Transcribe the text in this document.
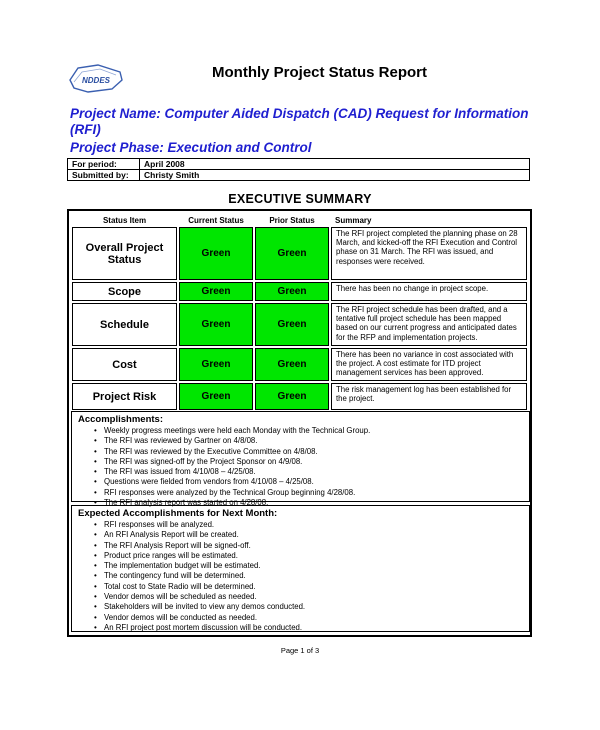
NDDES	Monthly Project Status Report
Project Name: Computer Aided Dispatch (CAD) Request for Information (RFI)
Project Phase: Execution and Control
For period:	April 2008
Submitted by:	Christy Smith
EXECUTIVE SUMMARY
Status Item	Current Status	Prior Status	Summary
Overall Project Status	Green	Green	The RFI project completed the planning phase on 28 March, and kicked-off the RFI Execution and Control phase on 31 March. The RFI was issued, and responses were received.
Scope	Green	Green	There has been no change in project scope.
Schedule	Green	Green	The RFI project schedule has been drafted, and a tentative full project schedule has been mapped based on our current progress and anticipated dates for the RFP and implementation projects.
Cost	Green	Green	There has been no variance in cost associated with the project. A cost estimate for ITD project management services has been approved.
Project Risk	Green	Green	The risk management log has been established for the project.
Accomplishments:
• Weekly progress meetings were held each Monday with the Technical Group.
• The RFI was reviewed by Gartner on 4/8/08.
• The RFI was reviewed by the Executive Committee on 4/8/08.
• The RFI was signed-off by the Project Sponsor on 4/9/08.
• The RFI was issued from 4/10/08 – 4/25/08.
• Questions were fielded from vendors from 4/10/08 – 4/25/08.
• RFI responses were analyzed by the Technical Group beginning 4/28/08.
• The RFI analysis report was started on 4/28/08.
Expected Accomplishments for Next Month:
• RFI responses will be analyzed.
• An RFI Analysis Report will be created.
• The RFI Analysis Report will be signed-off.
• Product price ranges will be estimated.
• The implementation budget will be estimated.
• The contingency fund will be determined.
• Total cost to State Radio will be determined.
• Vendor demos will be scheduled as needed.
• Stakeholders will be invited to view any demos conducted.
• Vendor demos will be conducted as needed.
• An RFI project post mortem discussion will be conducted.
Page 1 of 3
